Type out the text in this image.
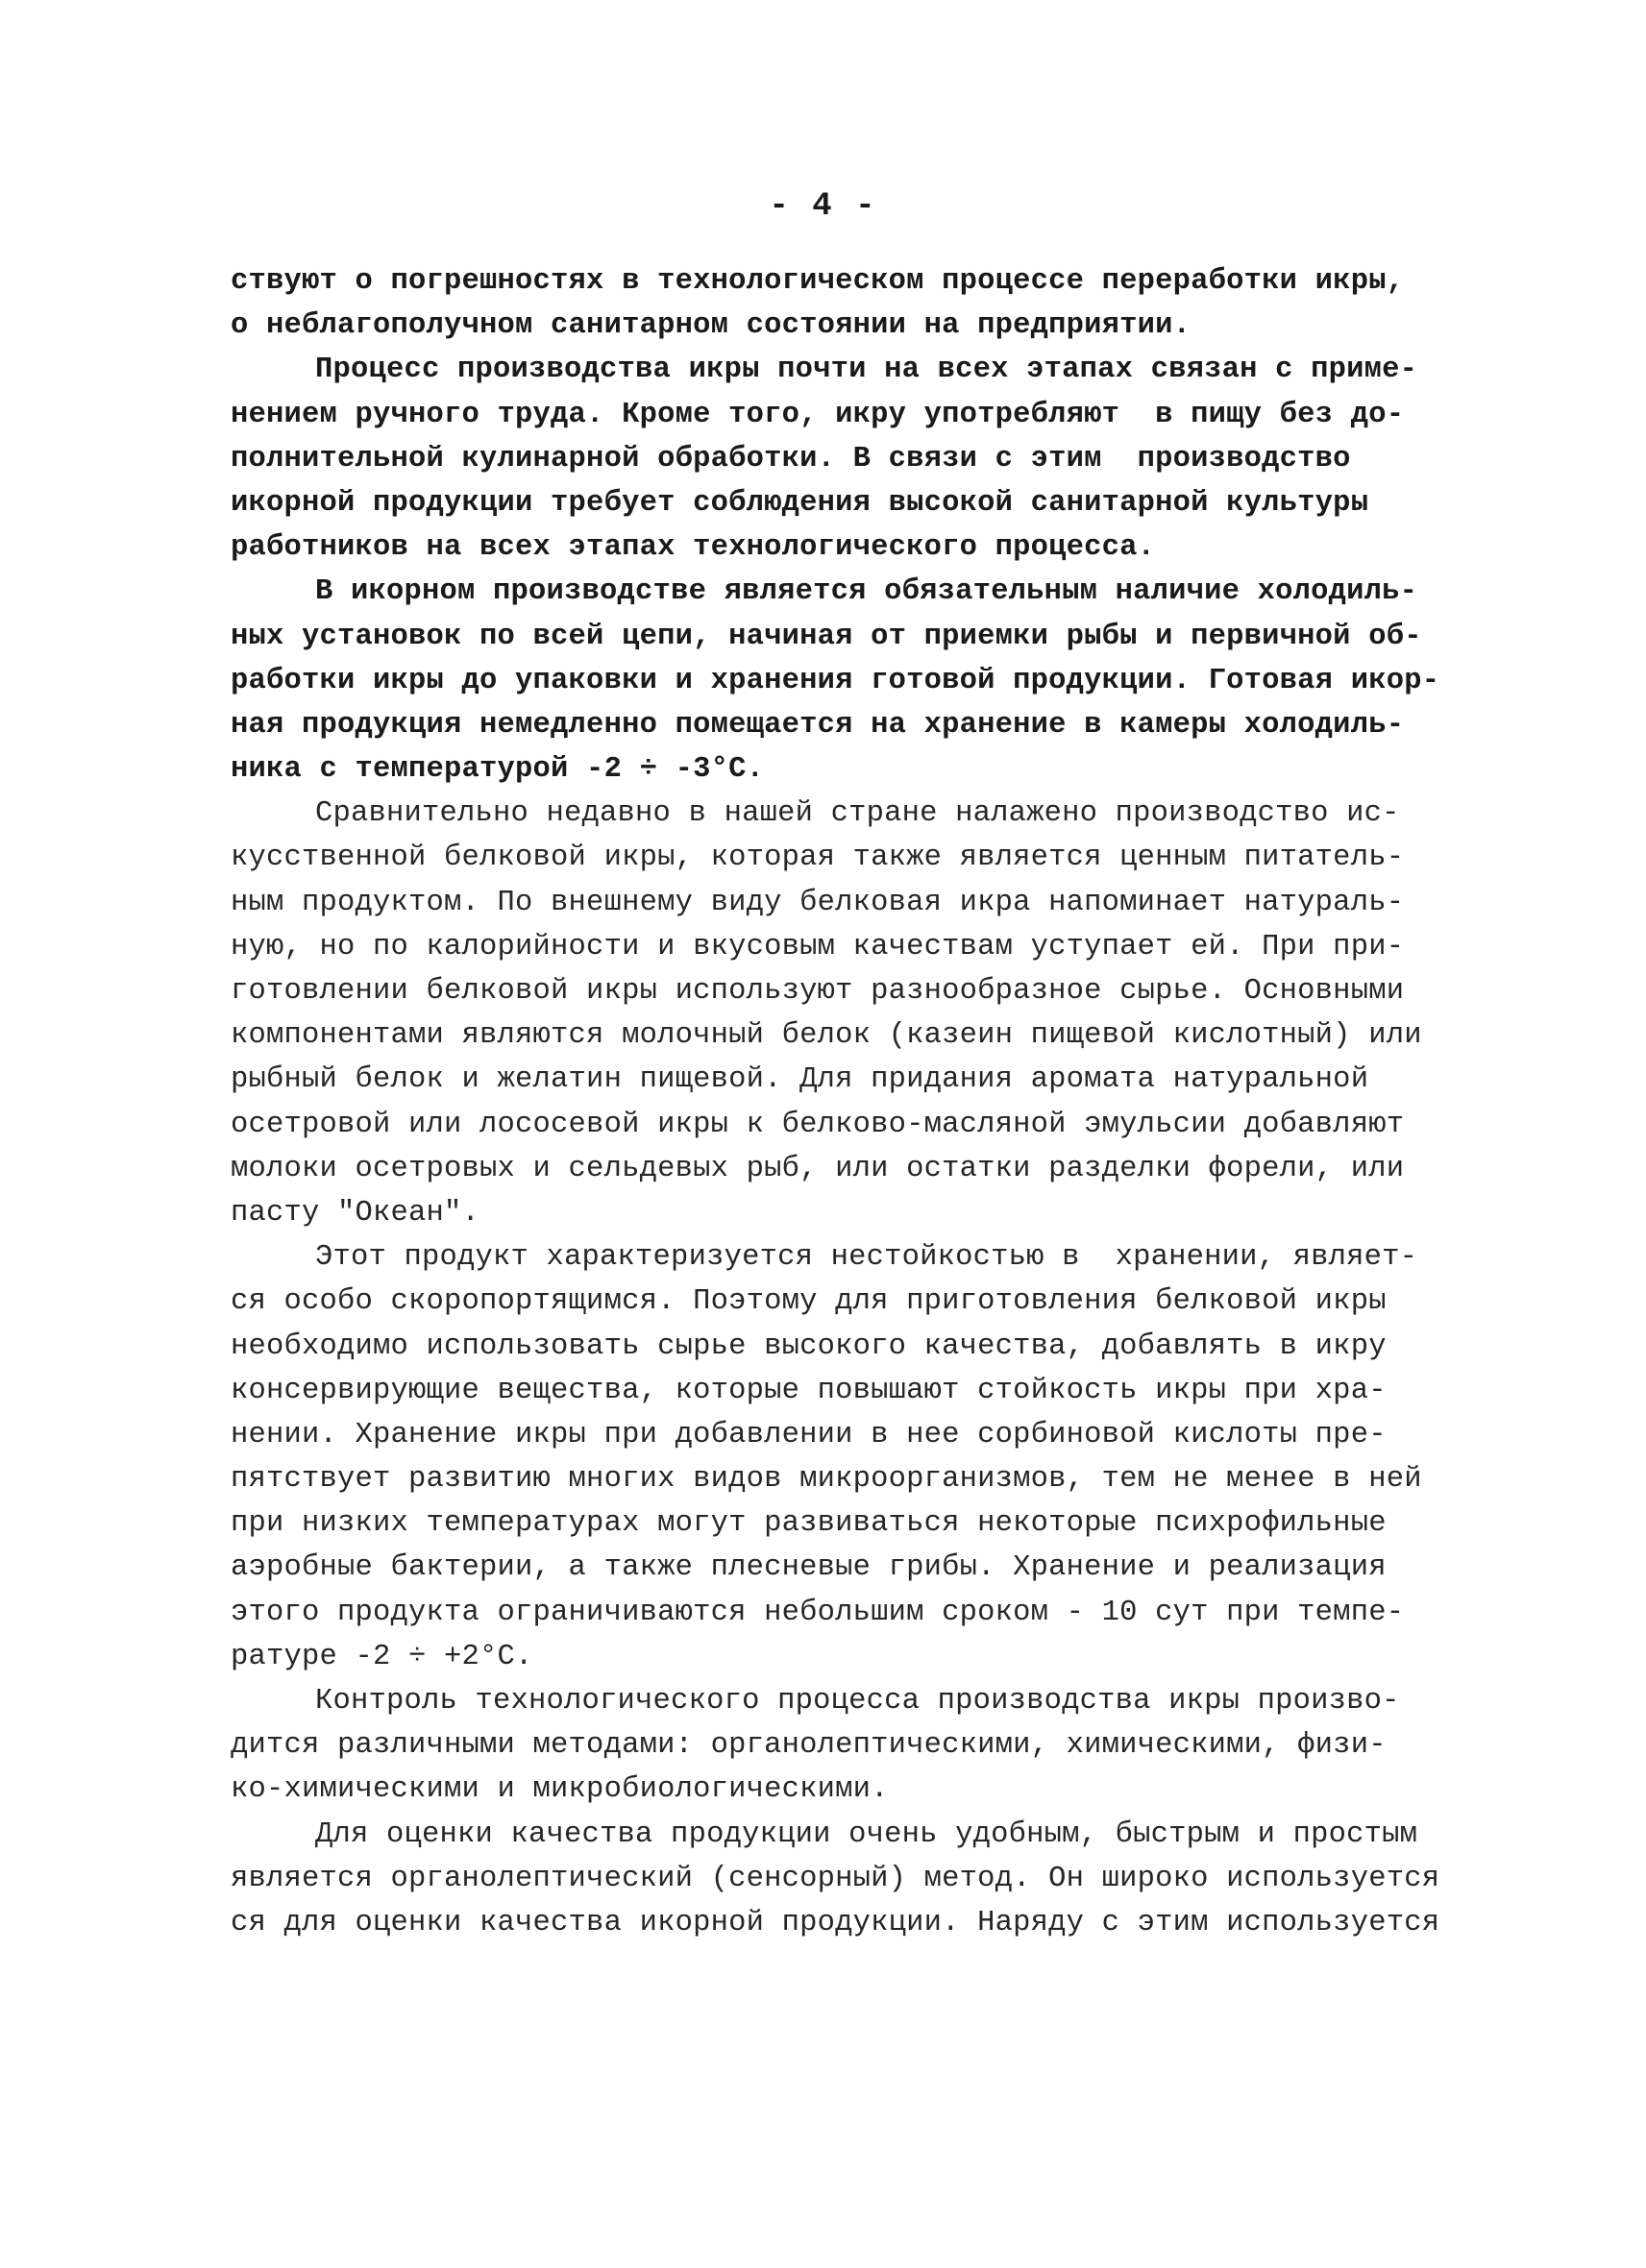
- 4 -
ствуют о погрешностях в технологическом процессе переработки икры,
о неблагополучном санитарном состоянии на предприятии.
Процесс производства икры почти на всех этапах связан с приме-
нением ручного труда. Кроме того, икру употребляют  в пищу без до-
полнительной кулинарной обработки. В связи с этим  производство
икорной продукции требует соблюдения высокой санитарной культуры
работников на всех этапах технологического процесса.
В икорном производстве является обязательным наличие холодиль-
ных установок по всей цепи, начиная от приемки рыбы и первичной об-
работки икры до упаковки и хранения готовой продукции. Готовая икор-
ная продукция немедленно помещается на хранение в камеры холодиль-
ника с температурой -2 ÷ -3°С.
Сравнительно недавно в нашей стране налажено производство ис-
кусственной белковой икры, которая также является ценным питатель-
ным продуктом. По внешнему виду белковая икра напоминает натураль-
ную, но по калорийности и вкусовым качествам уступает ей. При при-
готовлении белковой икры используют разнообразное сырье. Основными
компонентами являются молочный белок (казеин пищевой кислотный) или
рыбный белок и желатин пищевой. Для придания аромата натуральной
осетровой или лососевой икры к белково-масляной эмульсии добавляют
молоки осетровых и сельдевых рыб, или остатки разделки форели, или
пасту "Океан".
Этот продукт характеризуется нестойкостью в  хранении, являет-
ся особо скоропортящимся. Поэтому для приготовления белковой икры
необходимо использовать сырье высокого качества, добавлять в икру
консервирующие вещества, которые повышают стойкость икры при хра-
нении. Хранение икры при добавлении в нее сорбиновой кислоты пре-
пятствует развитию многих видов микроорганизмов, тем не менее в ней
при низких температурах могут развиваться некоторые психрофильные
аэробные бактерии, а также плесневые грибы. Хранение и реализация
этого продукта ограничиваются небольшим сроком - 10 сут при темпе-
ратуре -2 ÷ +2°С.
Контроль технологического процесса производства икры произво-
дится различными методами: органолептическими, химическими, физи-
ко-химическими и микробиологическими.
Для оценки качества продукции очень удобным, быстрым и простым
является органолептический (сенсорный) метод. Он широко используется
ся для оценки качества икорной продукции. Наряду с этим используется
